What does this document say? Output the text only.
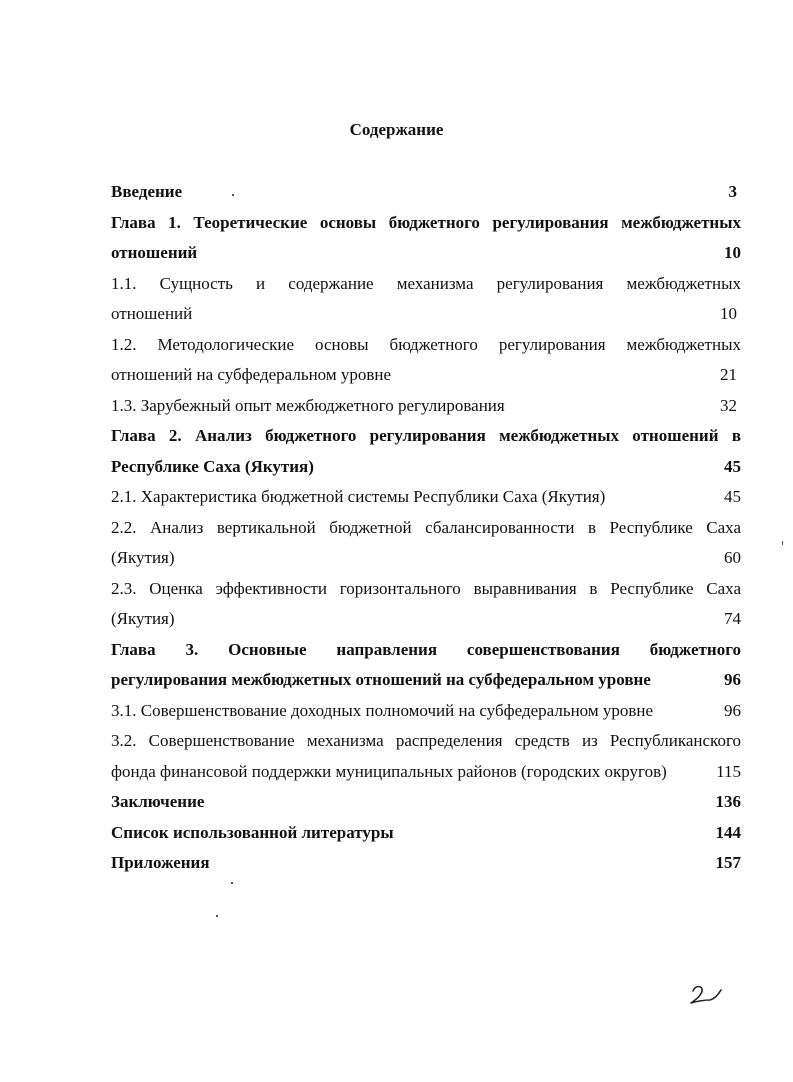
Содержание
Введение	3
Глава 1. Теоретические основы бюджетного регулирования межбюджетных
отношений	10
1.1. Сущность и содержание механизма регулирования межбюджетных
отношений	10
1.2. Методологические основы бюджетного регулирования межбюджетных
отношений на субфедеральном уровне	21
1.3. Зарубежный опыт межбюджетного регулирования	32
Глава 2. Анализ бюджетного регулирования межбюджетных отношений в
Республике Саха (Якутия)	45
2.1. Характеристика бюджетной системы Республики Саха (Якутия)	45
2.2. Анализ вертикальной бюджетной сбалансированности в Республике Саха
(Якутия)	60
2.3. Оценка эффективности горизонтального выравнивания в Республике Саха
(Якутия)	74
Глава 3. Основные направления совершенствования бюджетного
регулирования межбюджетных отношений на субфедеральном уровне	96
3.1. Совершенствование доходных полномочий на субфедеральном уровне	96
3.2. Совершенствование механизма распределения средств из Республиканского
фонда финансовой поддержки муниципальных районов (городских округов)	115
Заключение	136
Список использованной литературы	144
Приложения	157
